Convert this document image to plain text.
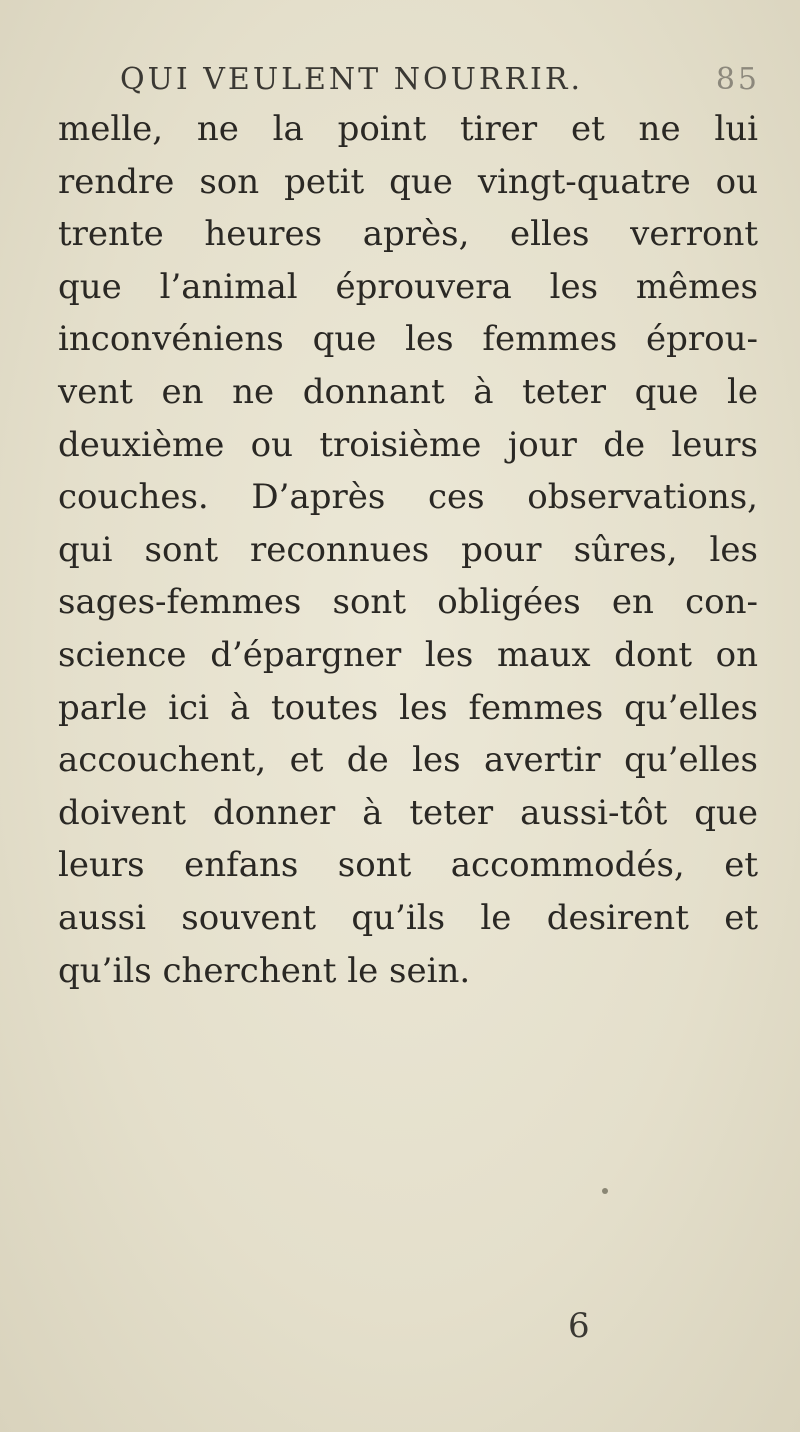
QUI VEULENT NOURRIR.	85
melle, ne la point tirer et ne lui
rendre son petit que vingt-quatre ou
trente heures après, elles verront
que l’animal éprouvera les mêmes
inconvéniens que les femmes éprou-
vent en ne donnant à teter que le
deuxième ou troisième jour de leurs
couches. D’après ces observations,
qui sont reconnues pour sûres, les
sages-femmes sont obligées en con-
science d’épargner les maux dont on
parle ici à toutes les femmes qu’elles
accouchent, et de les avertir qu’elles
doivent donner à teter aussi-tôt que
leurs enfans sont accommodés, et
aussi souvent qu’ils le desirent et
qu’ils cherchent le sein.
6
